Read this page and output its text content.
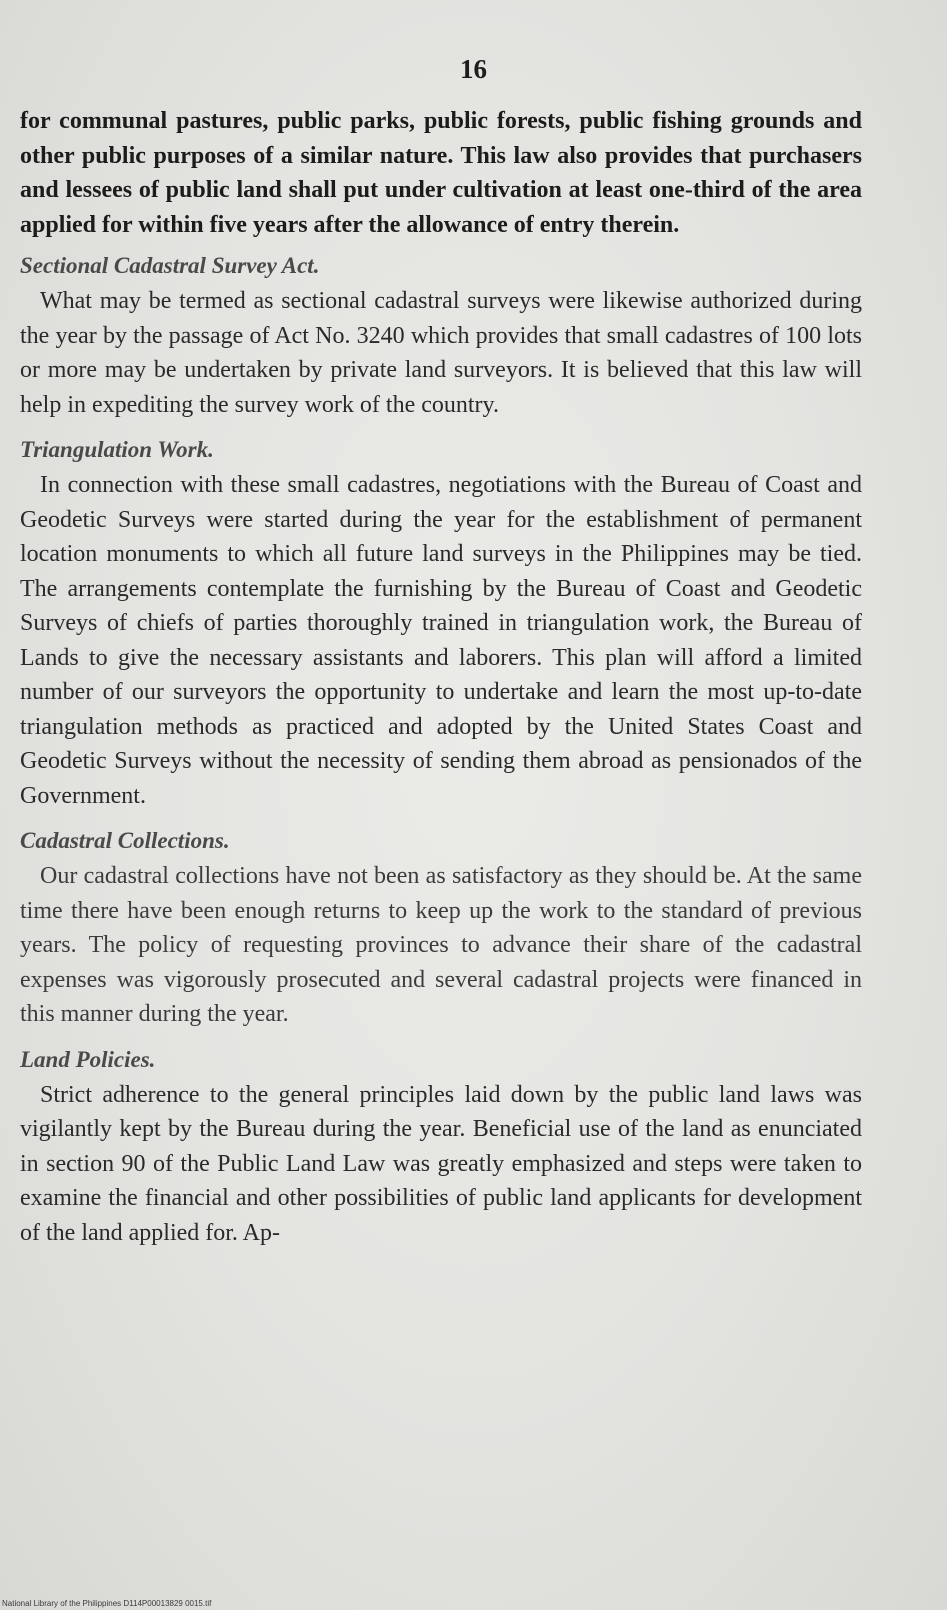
16

for communal pastures, public parks, public forests, public fishing grounds and other public purposes of a similar nature. This law also provides that purchasers and lessees of public land shall put under cultivation at least one-third of the area applied for within five years after the allowance of entry therein.

Sectional Cadastral Survey Act.

What may be termed as sectional cadastral surveys were likewise authorized during the year by the passage of Act No. 3240 which provides that small cadastres of 100 lots or more may be undertaken by private land surveyors. It is believed that this law will help in expediting the survey work of the country.

Triangulation Work.

In connection with these small cadastres, negotiations with the Bureau of Coast and Geodetic Surveys were started during the year for the establishment of permanent location monuments to which all future land surveys in the Philippines may be tied. The arrangements contemplate the furnishing by the Bureau of Coast and Geodetic Surveys of chiefs of parties thoroughly trained in triangulation work, the Bureau of Lands to give the necessary assistants and laborers. This plan will afford a limited number of our surveyors the opportunity to undertake and learn the most up-to-date triangulation methods as practiced and adopted by the United States Coast and Geodetic Surveys without the necessity of sending them abroad as pensionados of the Government.

Cadastral Collections.

Our cadastral collections have not been as satisfactory as they should be. At the same time there have been enough returns to keep up the work to the standard of previous years. The policy of requesting provinces to advance their share of the cadastral expenses was vigorously prosecuted and several cadastral projects were financed in this manner during the year.

Land Policies.

Strict adherence to the general principles laid down by the public land laws was vigilantly kept by the Bureau during the year. Beneficial use of the land as enunciated in section 90 of the Public Land Law was greatly emphasized and steps were taken to examine the financial and other possibilities of public land applicants for development of the land applied for. Ap-

National Library of the Philippines D114P00013829 0015.tif
